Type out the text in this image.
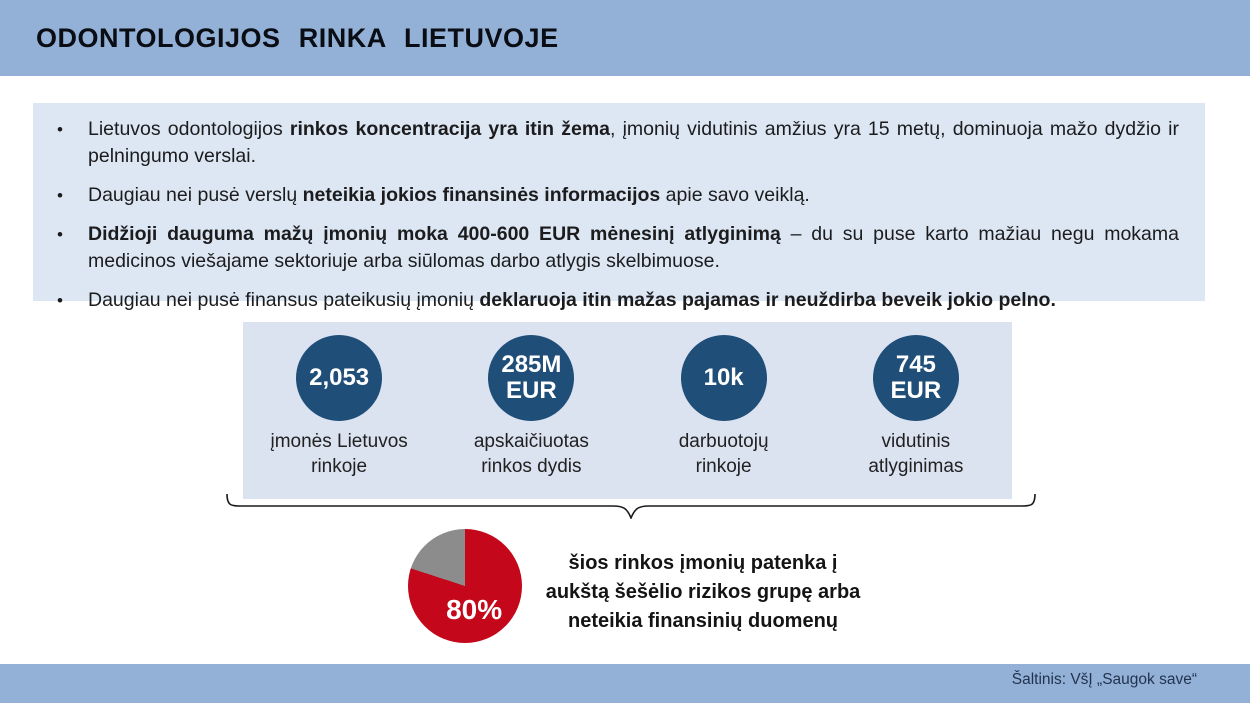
ODONTOLOGIJOS RINKA LIETUVOJE
•	Lietuvos odontologijos rinkos koncentracija yra itin žema, įmonių vidutinis amžius yra 15 metų, dominuoja mažo dydžio ir pelningumo verslai.

•	Daugiau nei pusė verslų neteikia jokios finansinės informacijos apie savo veiklą.

•	Didžioji dauguma mažų įmonių moka 400-600 EUR mėnesinį atlyginimą – du su puse karto mažiau negu mokama medicinos viešajame sektoriuje arba siūlomas darbo atlygis skelbimuose.

•	Daugiau nei pusė finansus pateikusių įmonių deklaruoja itin mažas pajamas ir neuždirba beveik jokio pelno.

2,053
įmonės Lietuvos
rinkoje
285M
EUR
apskaičiuotas
rinkos dydis
10k
darbuotojų
rinkoje
745
EUR
vidutinis
atlyginimas
80%
šios rinkos įmonių patenka į
aukštą šešėlio rizikos grupę arba
neteikia finansinių duomenų
Šaltinis: VšĮ „Saugok save“
